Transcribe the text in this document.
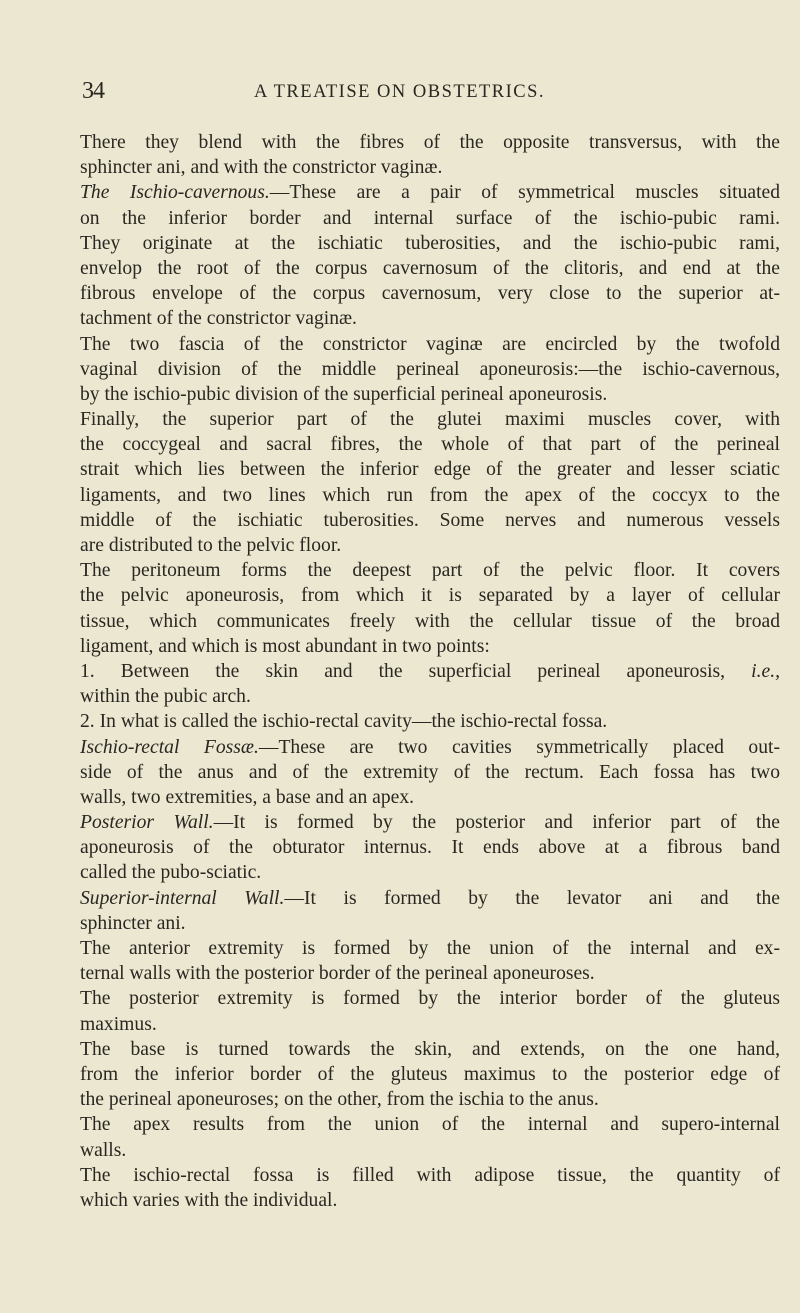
34	A TREATISE ON OBSTETRICS.
There they blend with the fibres of the opposite transversus, with the
sphincter ani, and with the constrictor vaginæ.
The Ischio-cavernous.—These are a pair of symmetrical muscles situated
on the inferior border and internal surface of the ischio-pubic rami.
They originate at the ischiatic tuberosities, and the ischio-pubic rami,
envelop the root of the corpus cavernosum of the clitoris, and end at the
fibrous envelope of the corpus cavernosum, very close to the superior at-
tachment of the constrictor vaginæ.
The two fascia of the constrictor vaginæ are encircled by the twofold
vaginal division of the middle perineal aponeurosis:—the ischio-cavernous,
by the ischio-pubic division of the superficial perineal aponeurosis.
Finally, the superior part of the glutei maximi muscles cover, with
the coccygeal and sacral fibres, the whole of that part of the perineal
strait which lies between the inferior edge of the greater and lesser sciatic
ligaments, and two lines which run from the apex of the coccyx to the
middle of the ischiatic tuberosities. Some nerves and numerous vessels
are distributed to the pelvic floor.
The peritoneum forms the deepest part of the pelvic floor. It covers
the pelvic aponeurosis, from which it is separated by a layer of cellular
tissue, which communicates freely with the cellular tissue of the broad
ligament, and which is most abundant in two points:
1. Between the skin and the superficial perineal aponeurosis, i.e.,
within the pubic arch.
2. In what is called the ischio-rectal cavity—the ischio-rectal fossa.
Ischio-rectal Fossæ.—These are two cavities symmetrically placed out-
side of the anus and of the extremity of the rectum. Each fossa has two
walls, two extremities, a base and an apex.
Posterior Wall.—It is formed by the posterior and inferior part of the
aponeurosis of the obturator internus. It ends above at a fibrous band
called the pubo-sciatic.
Superior-internal Wall.—It is formed by the levator ani and the
sphincter ani.
The anterior extremity is formed by the union of the internal and ex-
ternal walls with the posterior border of the perineal aponeuroses.
The posterior extremity is formed by the interior border of the gluteus
maximus.
The base is turned towards the skin, and extends, on the one hand,
from the inferior border of the gluteus maximus to the posterior edge of
the perineal aponeuroses; on the other, from the ischia to the anus.
The apex results from the union of the internal and supero-internal
walls.
The ischio-rectal fossa is filled with adipose tissue, the quantity of
which varies with the individual.
